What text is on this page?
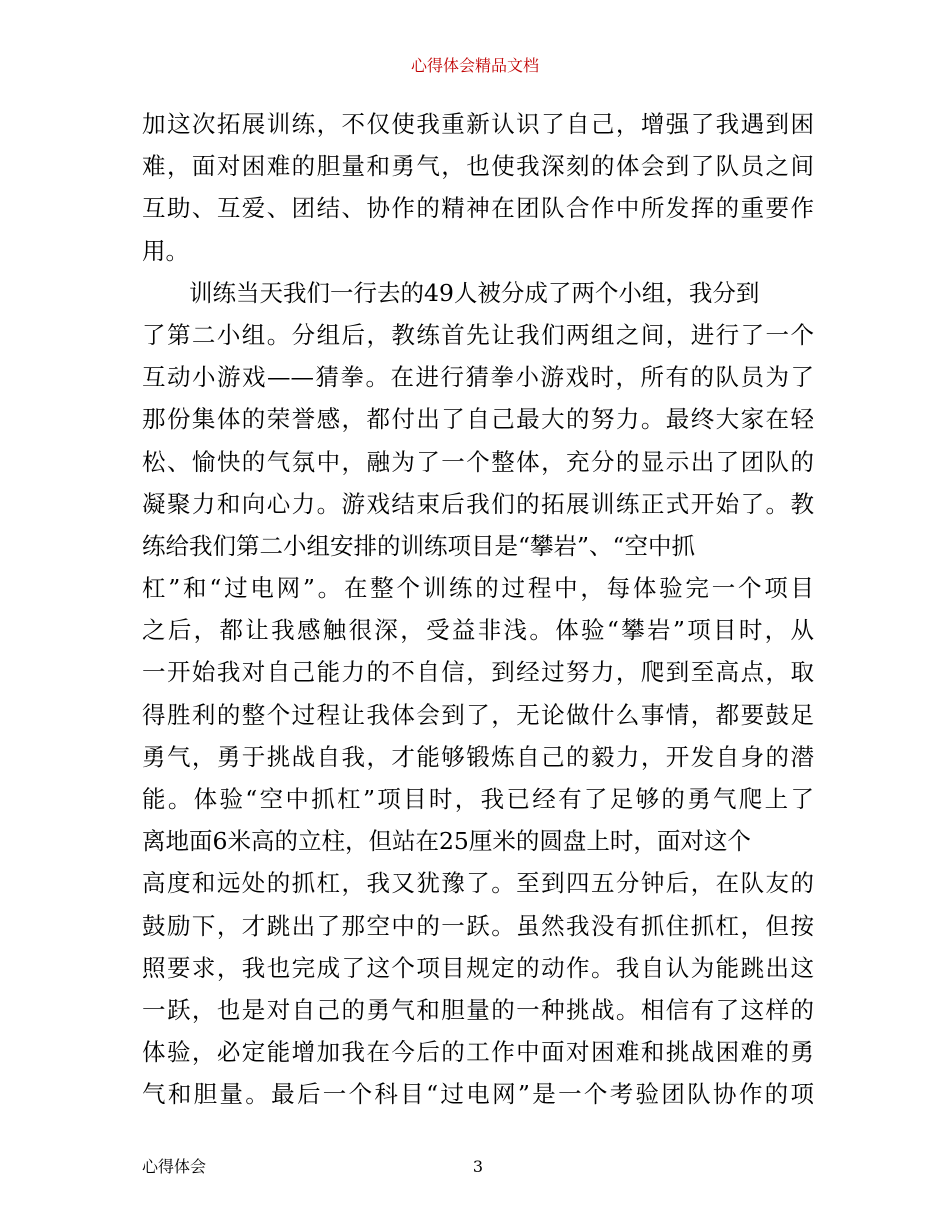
心得体会精品文档
加这次拓展训练，不仅使我重新认识了自己，增强了我遇到困
难，面对困难的胆量和勇气，也使我深刻的体会到了队员之间
互助、互爱、团结、协作的精神在团队合作中所发挥的重要作
用。
　　训练当天我们一行去的49人被分成了两个小组，我分到
了第二小组。分组后，教练首先让我们两组之间，进行了一个
互动小游戏——猜拳。在进行猜拳小游戏时，所有的队员为了
那份集体的荣誉感，都付出了自己最大的努力。最终大家在轻
松、愉快的气氛中，融为了一个整体，充分的显示出了团队的
凝聚力和向心力。游戏结束后我们的拓展训练正式开始了。教
练给我们第二小组安排的训练项目是“攀岩”、“空中抓
杠”和“过电网”。在整个训练的过程中，每体验完一个项目
之后，都让我感触很深，受益非浅。体验“攀岩”项目时，从
一开始我对自己能力的不自信，到经过努力，爬到至高点，取
得胜利的整个过程让我体会到了，无论做什么事情，都要鼓足
勇气，勇于挑战自我，才能够锻炼自己的毅力，开发自身的潜
能。体验“空中抓杠”项目时，我已经有了足够的勇气爬上了
离地面6米高的立柱，但站在25厘米的圆盘上时，面对这个
高度和远处的抓杠，我又犹豫了。至到四五分钟后，在队友的
鼓励下，才跳出了那空中的一跃。虽然我没有抓住抓杠，但按
照要求，我也完成了这个项目规定的动作。我自认为能跳出这
一跃，也是对自己的勇气和胆量的一种挑战。相信有了这样的
体验，必定能增加我在今后的工作中面对困难和挑战困难的勇
气和胆量。最后一个科目“过电网”是一个考验团队协作的项
心得体会	3
